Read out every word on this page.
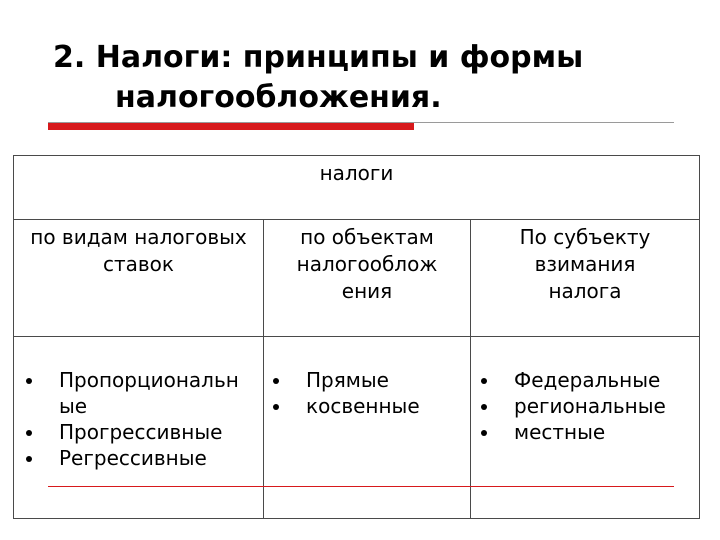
2. Налоги: принципы и формы
налогообложения.
налоги
по видам налоговых
ставок
по объектам
налогооблож
ения
По субъекту
взимания
налога
Пропорциональн ые
Прогрессивные
Регрессивные
Прямые
косвенные
Федеральные
региональные
местные
